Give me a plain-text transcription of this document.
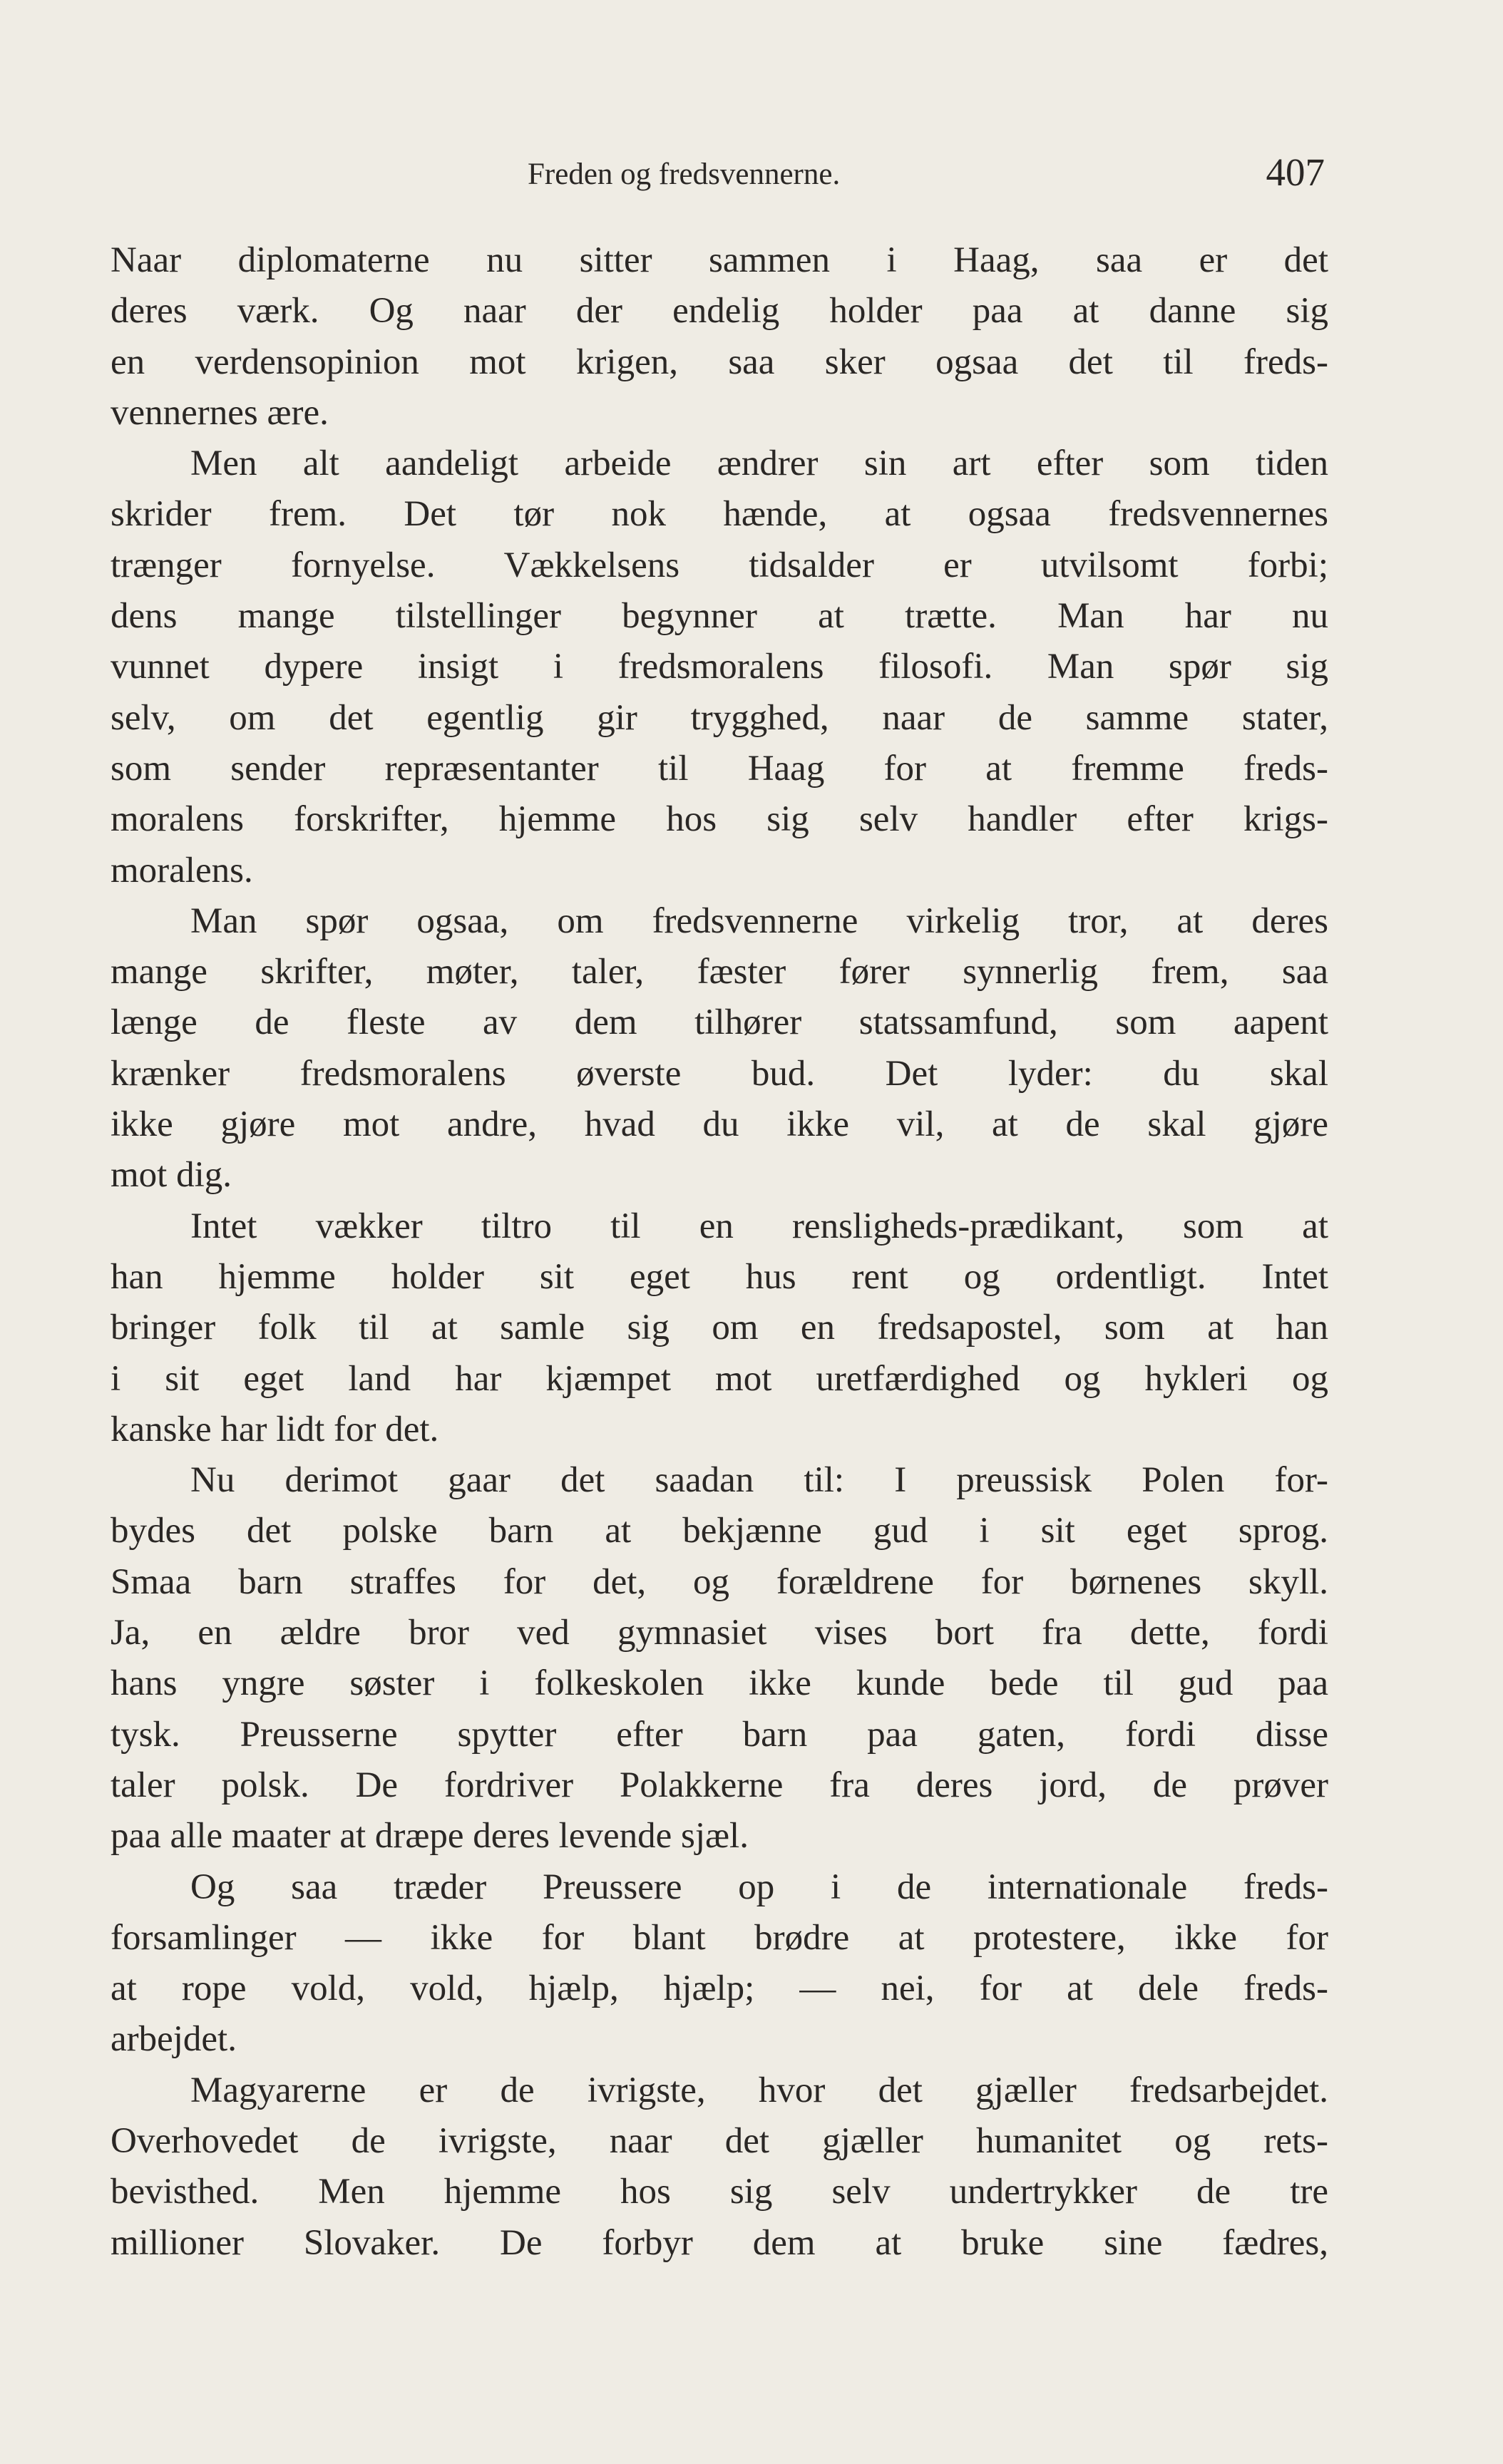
Freden og fredsvennerne.	407
Naar diplomaterne nu sitter sammen i Haag, saa er det
deres værk. Og naar der endelig holder paa at danne sig
en verdensopinion mot krigen, saa sker ogsaa det til freds-
vennernes ære.
Men alt aandeligt arbeide ændrer sin art efter som tiden
skrider frem. Det tør nok hænde, at ogsaa fredsvennernes
trænger fornyelse. Vækkelsens tidsalder er utvilsomt forbi;
dens mange tilstellinger begynner at trætte. Man har nu
vunnet dypere insigt i fredsmoralens filosofi. Man spør sig
selv, om det egentlig gir trygghed, naar de samme stater,
som sender repræsentanter til Haag for at fremme freds-
moralens forskrifter, hjemme hos sig selv handler efter krigs-
moralens.
Man spør ogsaa, om fredsvennerne virkelig tror, at deres
mange skrifter, møter, taler, fæster fører synnerlig frem, saa
længe de fleste av dem tilhører statssamfund, som aapent
krænker fredsmoralens øverste bud. Det lyder: du skal
ikke gjøre mot andre, hvad du ikke vil, at de skal gjøre
mot dig.
Intet vækker tiltro til en rensligheds-prædikant, som at
han hjemme holder sit eget hus rent og ordentligt. Intet
bringer folk til at samle sig om en fredsapostel, som at han
i sit eget land har kjæmpet mot uretfærdighed og hykleri og
kanske har lidt for det.
Nu derimot gaar det saadan til: I preussisk Polen for-
bydes det polske barn at bekjænne gud i sit eget sprog.
Smaa barn straffes for det, og forældrene for børnenes skyll.
Ja, en ældre bror ved gymnasiet vises bort fra dette, fordi
hans yngre søster i folkeskolen ikke kunde bede til gud paa
tysk. Preusserne spytter efter barn paa gaten, fordi disse
taler polsk. De fordriver Polakkerne fra deres jord, de prøver
paa alle maater at dræpe deres levende sjæl.
Og saa træder Preussere op i de internationale freds-
forsamlinger — ikke for blant brødre at protestere, ikke for
at rope vold, vold, hjælp, hjælp; — nei, for at dele freds-
arbejdet.
Magyarerne er de ivrigste, hvor det gjæller fredsarbejdet.
Overhovedet de ivrigste, naar det gjæller humanitet og rets-
bevisthed. Men hjemme hos sig selv undertrykker de tre
millioner Slovaker. De forbyr dem at bruke sine fædres,
